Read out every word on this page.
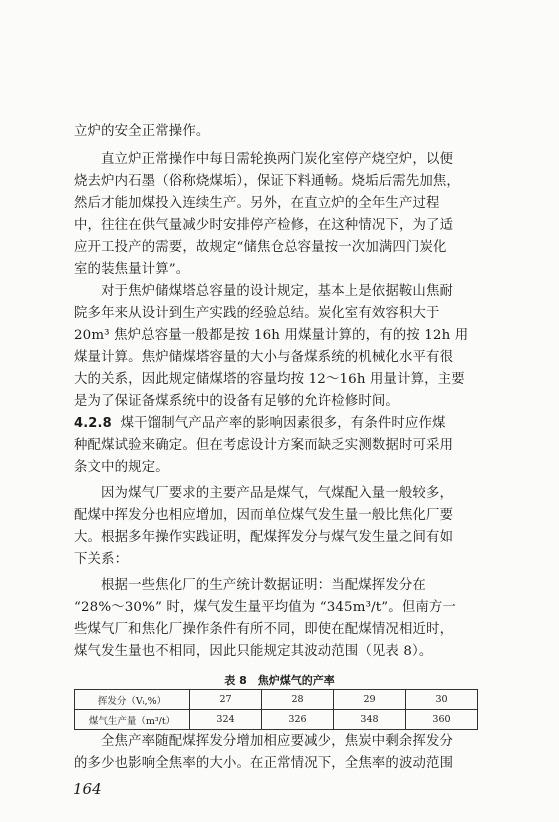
立炉的安全正常操作。
直立炉正常操作中每日需轮换两门炭化室停产烧空炉，以便
烧去炉内石墨（俗称烧煤垢），保证下料通畅。烧垢后需先加焦，
然后才能加煤投入连续生产。另外，在直立炉的全年生产过程
中，往往在供气量减少时安排停产检修，在这种情况下，为了适
应开工投产的需要，故规定“储焦仓总容量按一次加满四门炭化
室的装焦量计算”。
对于焦炉储煤塔总容量的设计规定，基本上是依据鞍山焦耐
院多年来从设计到生产实践的经验总结。炭化室有效容积大于
20m³ 焦炉总容量一般都是按 16h 用煤量计算的，有的按 12h 用
煤量计算。焦炉储煤塔容量的大小与备煤系统的机械化水平有很
大的关系，因此规定储煤塔的容量均按 12～16h 用量计算，主要
是为了保证备煤系统中的设备有足够的允许检修时间。
4.2.8 煤干馏制气产品产率的影响因素很多，有条件时应作煤
种配煤试验来确定。但在考虑设计方案而缺乏实测数据时可采用
条文中的规定。
因为煤气厂要求的主要产品是煤气，气煤配入量一般较多，
配煤中挥发分也相应增加，因而单位煤气发生量一般比焦化厂要
大。根据多年操作实践证明，配煤挥发分与煤气发生量之间有如
下关系：
根据一些焦化厂的生产统计数据证明：当配煤挥发分在
“28%～30%” 时，煤气发生量平均值为 “345m³/t”。但南方一
些煤气厂和焦化厂操作条件有所不同，即使在配煤情况相近时，
煤气发生量也不相同，因此只能规定其波动范围（见表 8）。
表 8　焦炉煤气的产率
挥发分（Vᵢ,%）	27	28	29	30
煤气生产量（m³/t）	324	326	348	360
全焦产率随配煤挥发分增加相应要减少，焦炭中剩余挥发分
的多少也影响全焦率的大小。在正常情况下，全焦率的波动范围
164
